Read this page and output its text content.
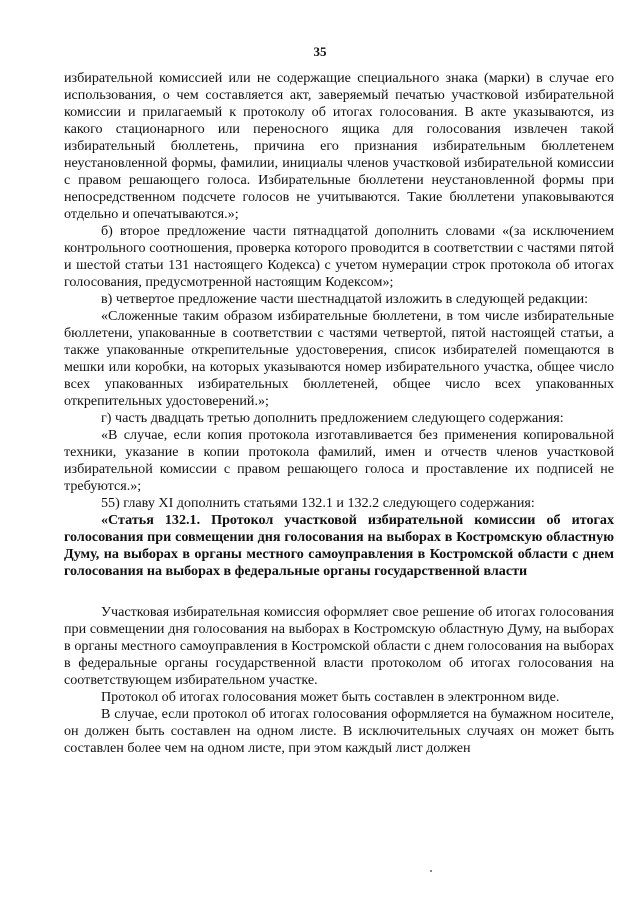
35

избирательной комиссией или не содержащие специального знака (марки) в случае его использования, о чем составляется акт, заверяемый печатью участковой избирательной комиссии и прилагаемый к протоколу об итогах голосования. В акте указываются, из какого стационарного или переносного ящика для голосования извлечен такой избирательный бюллетень, причина его признания избирательным бюллетенем неустановленной формы, фамилии, инициалы членов участковой избирательной комиссии с правом решающего голоса. Избирательные бюллетени неустановленной формы при непосредственном подсчете голосов не учитываются. Такие бюллетени упаковываются отдельно и опечатываются.»;

б) второе предложение части пятнадцатой дополнить словами «(за исключением контрольного соотношения, проверка которого проводится в соответствии с частями пятой и шестой статьи 131 настоящего Кодекса) с учетом нумерации строк протокола об итогах голосования, предусмотренной настоящим Кодексом»;

в) четвертое предложение части шестнадцатой изложить в следующей редакции:

«Сложенные таким образом избирательные бюллетени, в том числе избирательные бюллетени, упакованные в соответствии с частями четвертой, пятой настоящей статьи, а также упакованные открепительные удостоверения, список избирателей помещаются в мешки или коробки, на которых указываются номер избирательного участка, общее число всех упакованных избирательных бюллетеней, общее число всех упакованных открепительных удостоверений.»;

г) часть двадцать третью дополнить предложением следующего содержания:

«В случае, если копия протокола изготавливается без применения копировальной техники, указание в копии протокола фамилий, имен и отчеств членов участковой избирательной комиссии с правом решающего голоса и проставление их подписей не требуются.»;

55) главу XI дополнить статьями 132.1 и 132.2 следующего содержания:

«Статья 132.1. Протокол участковой избирательной комиссии об итогах голосования при совмещении дня голосования на выборах в Костромскую областную Думу, на выборах в органы местного самоуправления в Костромской области с днем голосования на выборах в федеральные органы государственной власти

Участковая избирательная комиссия оформляет свое решение об итогах голосования при совмещении дня голосования на выборах в Костромскую областную Думу, на выборах в органы местного самоуправления в Костромской области с днем голосования на выборах в федеральные органы государственной власти протоколом об итогах голосования на соответствующем избирательном участке.

Протокол об итогах голосования может быть составлен в электронном виде.

В случае, если протокол об итогах голосования оформляется на бумажном носителе, он должен быть составлен на одном листе. В исключительных случаях он может быть составлен более чем на одном листе, при этом каждый лист должен
